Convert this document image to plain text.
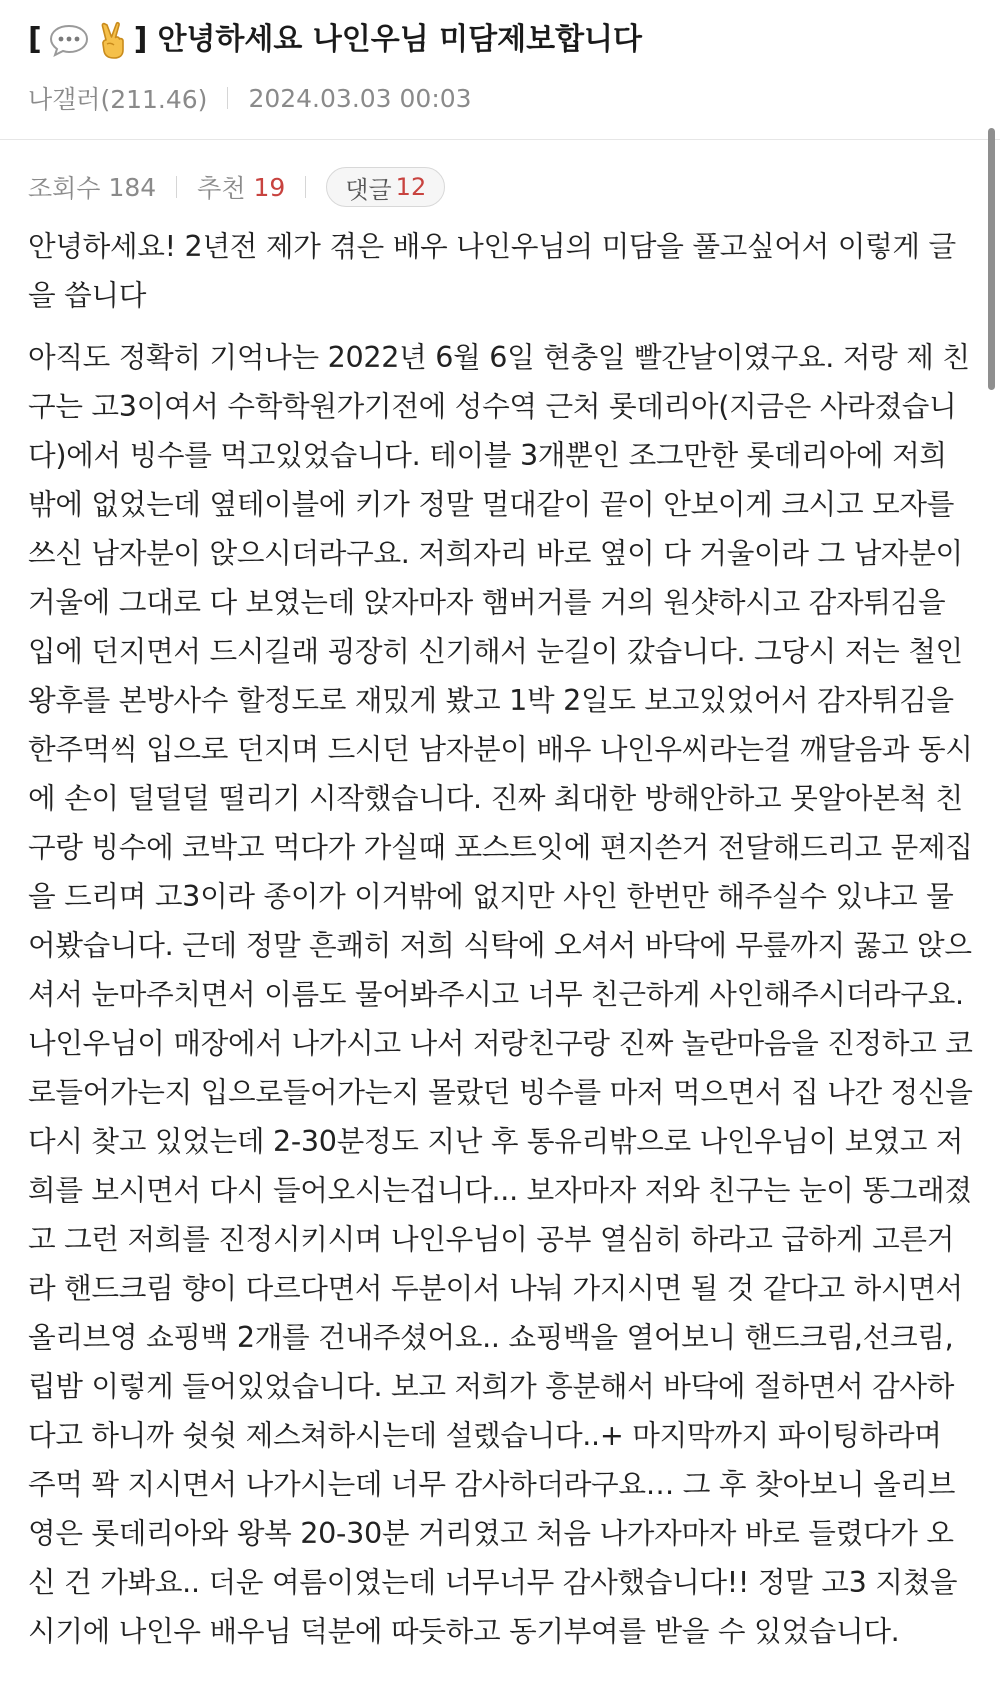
[	] 안녕하세요 나인우님 미담제보합니다
나갤러(211.46) 2024.03.03 00:03
조회수 184 추천 19	댓글 12

안녕하세요! 2년전 제가 겪은 배우 나인우님의 미담을 풀고싶어서 이렇게 글을 씁니다

아직도 정확히 기억나는 2022년 6월 6일 현충일 빨간날이였구요. 저랑 제 친구는 고3이여서 수학학원가기전에 성수역 근처 롯데리아(지금은 사라졌습니다)에서 빙수를 먹고있었습니다. 테이블 3개뿐인 조그만한 롯데리아에 저희밖에 없었는데 옆테이블에 키가 정말 멀대같이 끝이 안보이게 크시고 모자를 쓰신 남자분이 앉으시더라구요. 저희자리 바로 옆이 다 거울이라 그 남자분이 거울에 그대로 다 보였는데 앉자마자 햄버거를 거의 원샷하시고 감자튀김을 입에 던지면서 드시길래 굉장히 신기해서 눈길이 갔습니다. 그당시 저는 철인왕후를 본방사수 할정도로 재밌게 봤고 1박 2일도 보고있었어서 감자튀김을 한주먹씩 입으로 던지며 드시던 남자분이 배우 나인우씨라는걸 깨달음과 동시에 손이 덜덜덜 떨리기 시작했습니다. 진짜 최대한 방해안하고 못알아본척 친구랑 빙수에 코박고 먹다가 가실때 포스트잇에 편지쓴거 전달해드리고 문제집을 드리며 고3이라 종이가 이거밖에 없지만 사인 한번만 해주실수 있냐고 물어봤습니다. 근데 정말 흔쾌히 저희 식탁에 오셔서 바닥에 무릎까지 꿇고 앉으셔서 눈마주치면서 이름도 물어봐주시고 너무 친근하게 사인해주시더라구요. 나인우님이 매장에서 나가시고 나서 저랑친구랑 진짜 놀란마음을 진정하고 코로들어가는지 입으로들어가는지 몰랐던 빙수를 마저 먹으면서 집 나간 정신을 다시 찾고 있었는데 2-30분정도 지난 후 통유리밖으로 나인우님이 보였고 저희를 보시면서 다시 들어오시는겁니다... 보자마자 저와 친구는 눈이 똥그래졌고 그런 저희를 진정시키시며 나인우님이 공부 열심히 하라고 급하게 고른거라 핸드크림 향이 다르다면서 두분이서 나눠 가지시면 될 것 같다고 하시면서 올리브영 쇼핑백 2개를 건내주셨어요.. 쇼핑백을 열어보니 핸드크림,선크림, 립밤 이렇게 들어있었습니다. 보고 저희가 흥분해서 바닥에 절하면서 감사하다고 하니까 쉿쉿 제스쳐하시는데 설렜습니다..+ 마지막까지 파이팅하라며 주먹 꽉 지시면서 나가시는데 너무 감사하더라구요… 그 후 찾아보니 올리브영은 롯데리아와 왕복 20-30분 거리였고 처음 나가자마자 바로 들렸다가 오신 건 가봐요.. 더운 여름이였는데 너무너무 감사했습니다!! 정말 고3 지쳤을 시기에 나인우 배우님 덕분에 따듯하고 동기부여를 받을 수 있었습니다.
